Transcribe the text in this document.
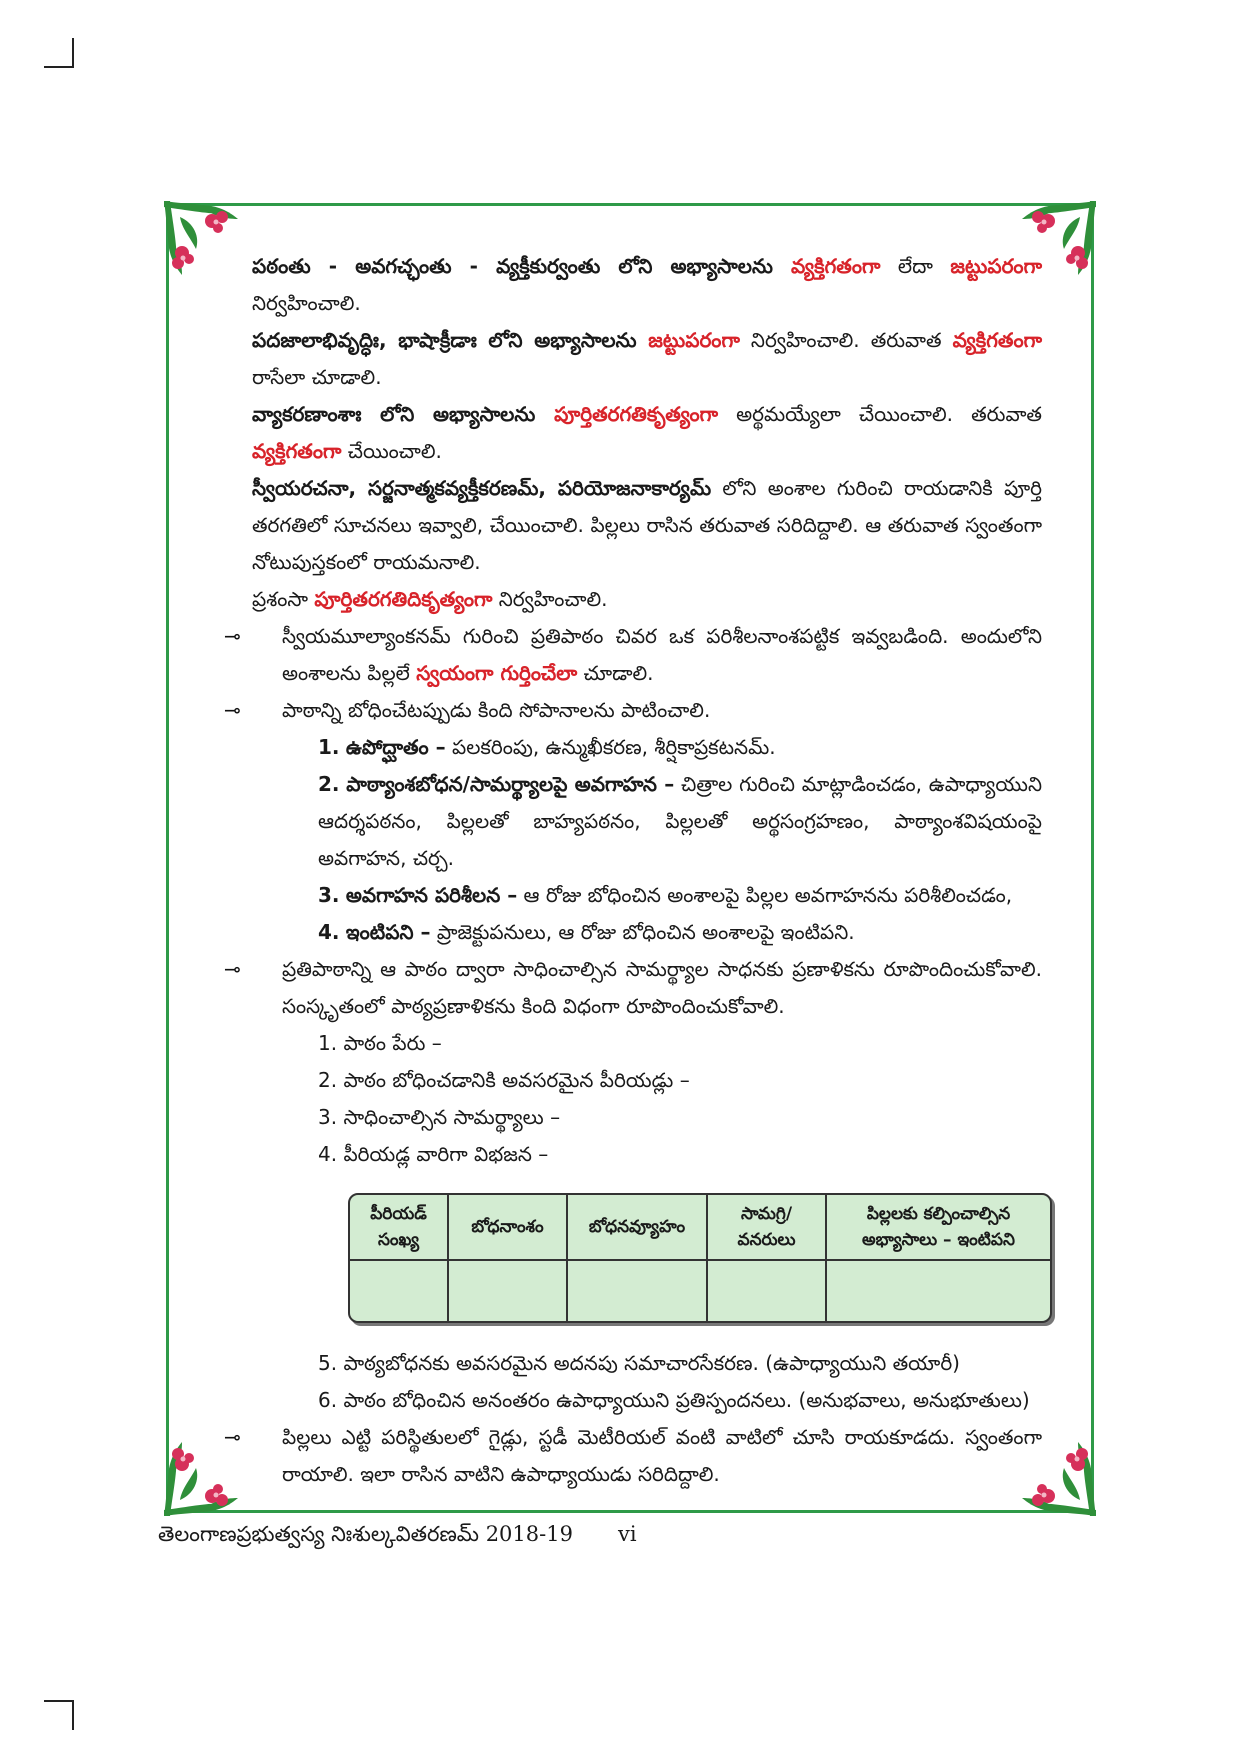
పఠంతు - అవగచ్ఛంతు - వ్యక్తీకుర్వంతు లోని అభ్యాసాలను వ్యక్తిగతంగా లేదా జట్టుపరంగా నిర్వహించాలి.

పదజాలాభివృద్ధిః, భాషాక్రీడాః లోని అభ్యాసాలను జట్టుపరంగా నిర్వహించాలి. తరువాత వ్యక్తిగతంగా రాసేలా చూడాలి.

వ్యాకరణాంశాః లోని అభ్యాసాలను పూర్తితరగతికృత్యంగా అర్థమయ్యేలా చేయించాలి. తరువాత వ్యక్తిగతంగా చేయించాలి.

స్వీయరచనా, సర్జనాత్మకవ్యక్తీకరణమ్, పరియోజనాకార్యమ్ లోని అంశాల గురించి రాయడానికి పూర్తి తరగతిలో సూచనలు ఇవ్వాలి, చేయించాలి. పిల్లలు రాసిన తరువాత సరిదిద్దాలి. ఆ తరువాత స్వంతంగా నోటుపుస్తకంలో రాయమనాలి.

ప్రశంసా పూర్తితరగతిదికృత్యంగా నిర్వహించాలి.

⊸ స్వీయమూల్యాంకనమ్ గురించి ప్రతిపాఠం చివర ఒక పరిశీలనాంశపట్టిక ఇవ్వబడింది. అందులోని అంశాలను పిల్లలే స్వయంగా గుర్తించేలా చూడాలి.

⊸ పాఠాన్ని బోధించేటప్పుడు కింది సోపానాలను పాటించాలి.

1. ఉపోద్ఘాతం – పలకరింపు, ఉన్ముఖీకరణ, శీర్షికాప్రకటనమ్.

2. పాఠ్యాంశబోధన/సామర్థ్యాలపై అవగాహన – చిత్రాల గురించి మాట్లాడించడం, ఉపాధ్యాయుని ఆదర్శపఠనం, పిల్లలతో బాహ్యపఠనం, పిల్లలతో అర్థసంగ్రహణం, పాఠ్యాంశవిషయంపై అవగాహన, చర్చ.

3. అవగాహన పరిశీలన – ఆ రోజు బోధించిన అంశాలపై పిల్లల అవగాహనను పరిశీలించడం,

4. ఇంటిపని – ప్రాజెక్టుపనులు, ఆ రోజు బోధించిన అంశాలపై ఇంటిపని.

⊸ ప్రతిపాఠాన్ని ఆ పాఠం ద్వారా సాధించాల్సిన సామర్థ్యాల సాధనకు ప్రణాళికను రూపొందించుకోవాలి. సంస్కృతంలో పాఠ్యప్రణాళికను కింది విధంగా రూపొందించుకోవాలి.

1. పాఠం పేరు –

2. పాఠం బోధించడానికి అవసరమైన పీరియడ్లు –

3. సాధించాల్సిన సామర్థ్యాలు –

4. పీరియడ్ల వారిగా విభజన –

పీరియడ్ సంఖ్య	బోధనాంశం	బోధనవ్యూహం	సామగ్రి/ వనరులు	పిల్లలకు కల్పించాల్సిన అభ్యాసాలు – ఇంటిపని

5. పాఠ్యబోధనకు అవసరమైన అదనపు సమాచారసేకరణ. (ఉపాధ్యాయుని తయారీ)

6. పాఠం బోధించిన అనంతరం ఉపాధ్యాయుని ప్రతిస్పందనలు. (అనుభవాలు, అనుభూతులు)

⊸ పిల్లలు ఎట్టి పరిస్థితులలో గైడ్లు, స్టడీ మెటీరియల్ వంటి వాటిలో చూసి రాయకూడదు. స్వంతంగా రాయాలి. ఇలా రాసిన వాటిని ఉపాధ్యాయుడు సరిదిద్దాలి.

తెలంగాణప్రభుత్వస్య నిఃశుల్కవితరణమ్ 2018-19 vi
